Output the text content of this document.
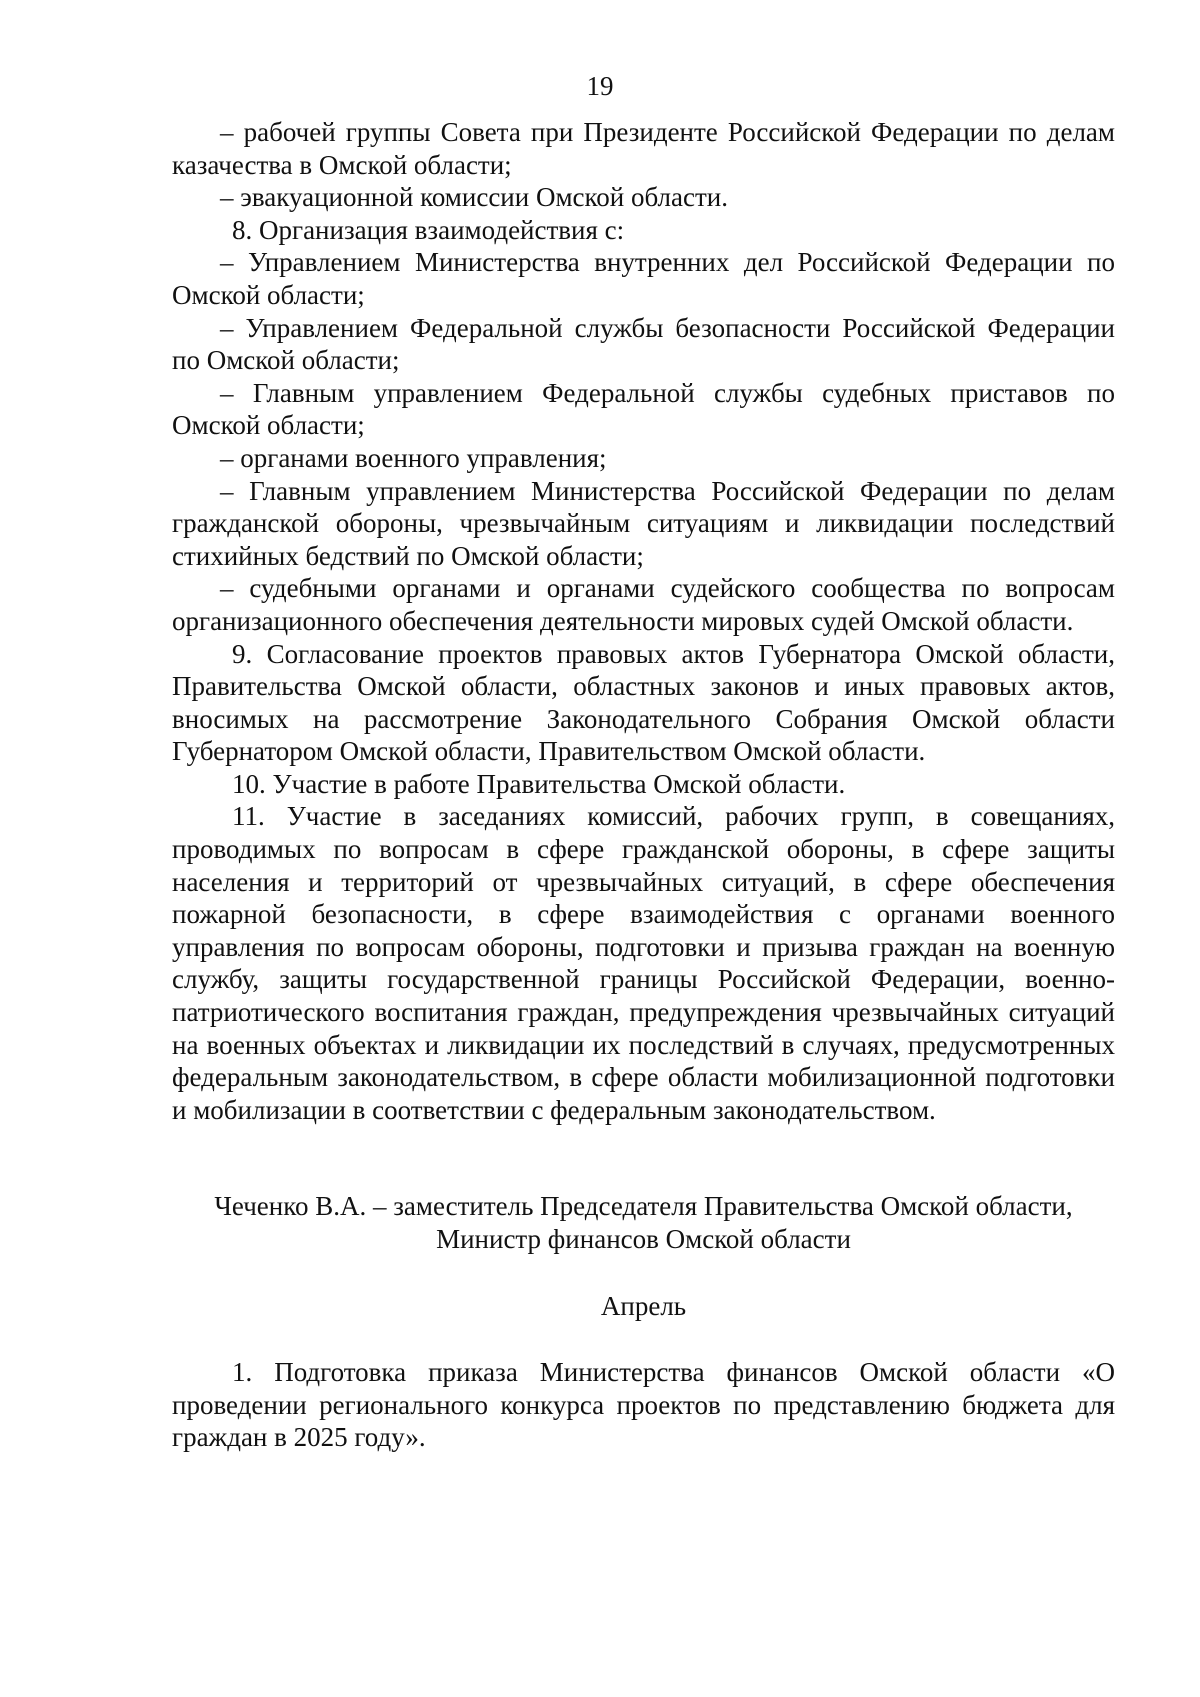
19

– рабочей группы Совета при Президенте Российской Федерации по делам казачества в Омской области;

– эвакуационной комиссии Омской области.

8. Организация взаимодействия с:

– Управлением Министерства внутренних дел Российской Федерации по Омской области;

– Управлением Федеральной службы безопасности Российской Федерации по Омской области;

– Главным управлением Федеральной службы судебных приставов по Омской области;

– органами военного управления;

– Главным управлением Министерства Российской Федерации по делам гражданской обороны, чрезвычайным ситуациям и ликвидации последствий стихийных бедствий по Омской области;

– судебными органами и органами судейского сообщества по вопросам организационного обеспечения деятельности мировых судей Омской области.

9. Согласование проектов правовых актов Губернатора Омской области, Правительства Омской области, областных законов и иных правовых актов, вносимых на рассмотрение Законодательного Собрания Омской области Губернатором Омской области, Правительством Омской области.

10. Участие в работе Правительства Омской области.

11. Участие в заседаниях комиссий, рабочих групп, в совещаниях, проводимых по вопросам в сфере гражданской обороны, в сфере защиты населения и территорий от чрезвычайных ситуаций, в сфере обеспечения пожарной безопасности, в сфере взаимодействия с органами военного управления по вопросам обороны, подготовки и призыва граждан на военную службу, защиты государственной границы Российской Федерации, военно-патриотического воспитания граждан, предупреждения чрезвычайных ситуаций на военных объектах и ликвидации их последствий в случаях, предусмотренных федеральным законодательством, в сфере области мобилизационной подготовки и мобилизации в соответствии с федеральным законодательством.

Чеченко В.А. – заместитель Председателя Правительства Омской области,

Министр финансов Омской области

Апрель

1. Подготовка приказа Министерства финансов Омской области «О проведении регионального конкурса проектов по представлению бюджета для граждан в 2025 году».
